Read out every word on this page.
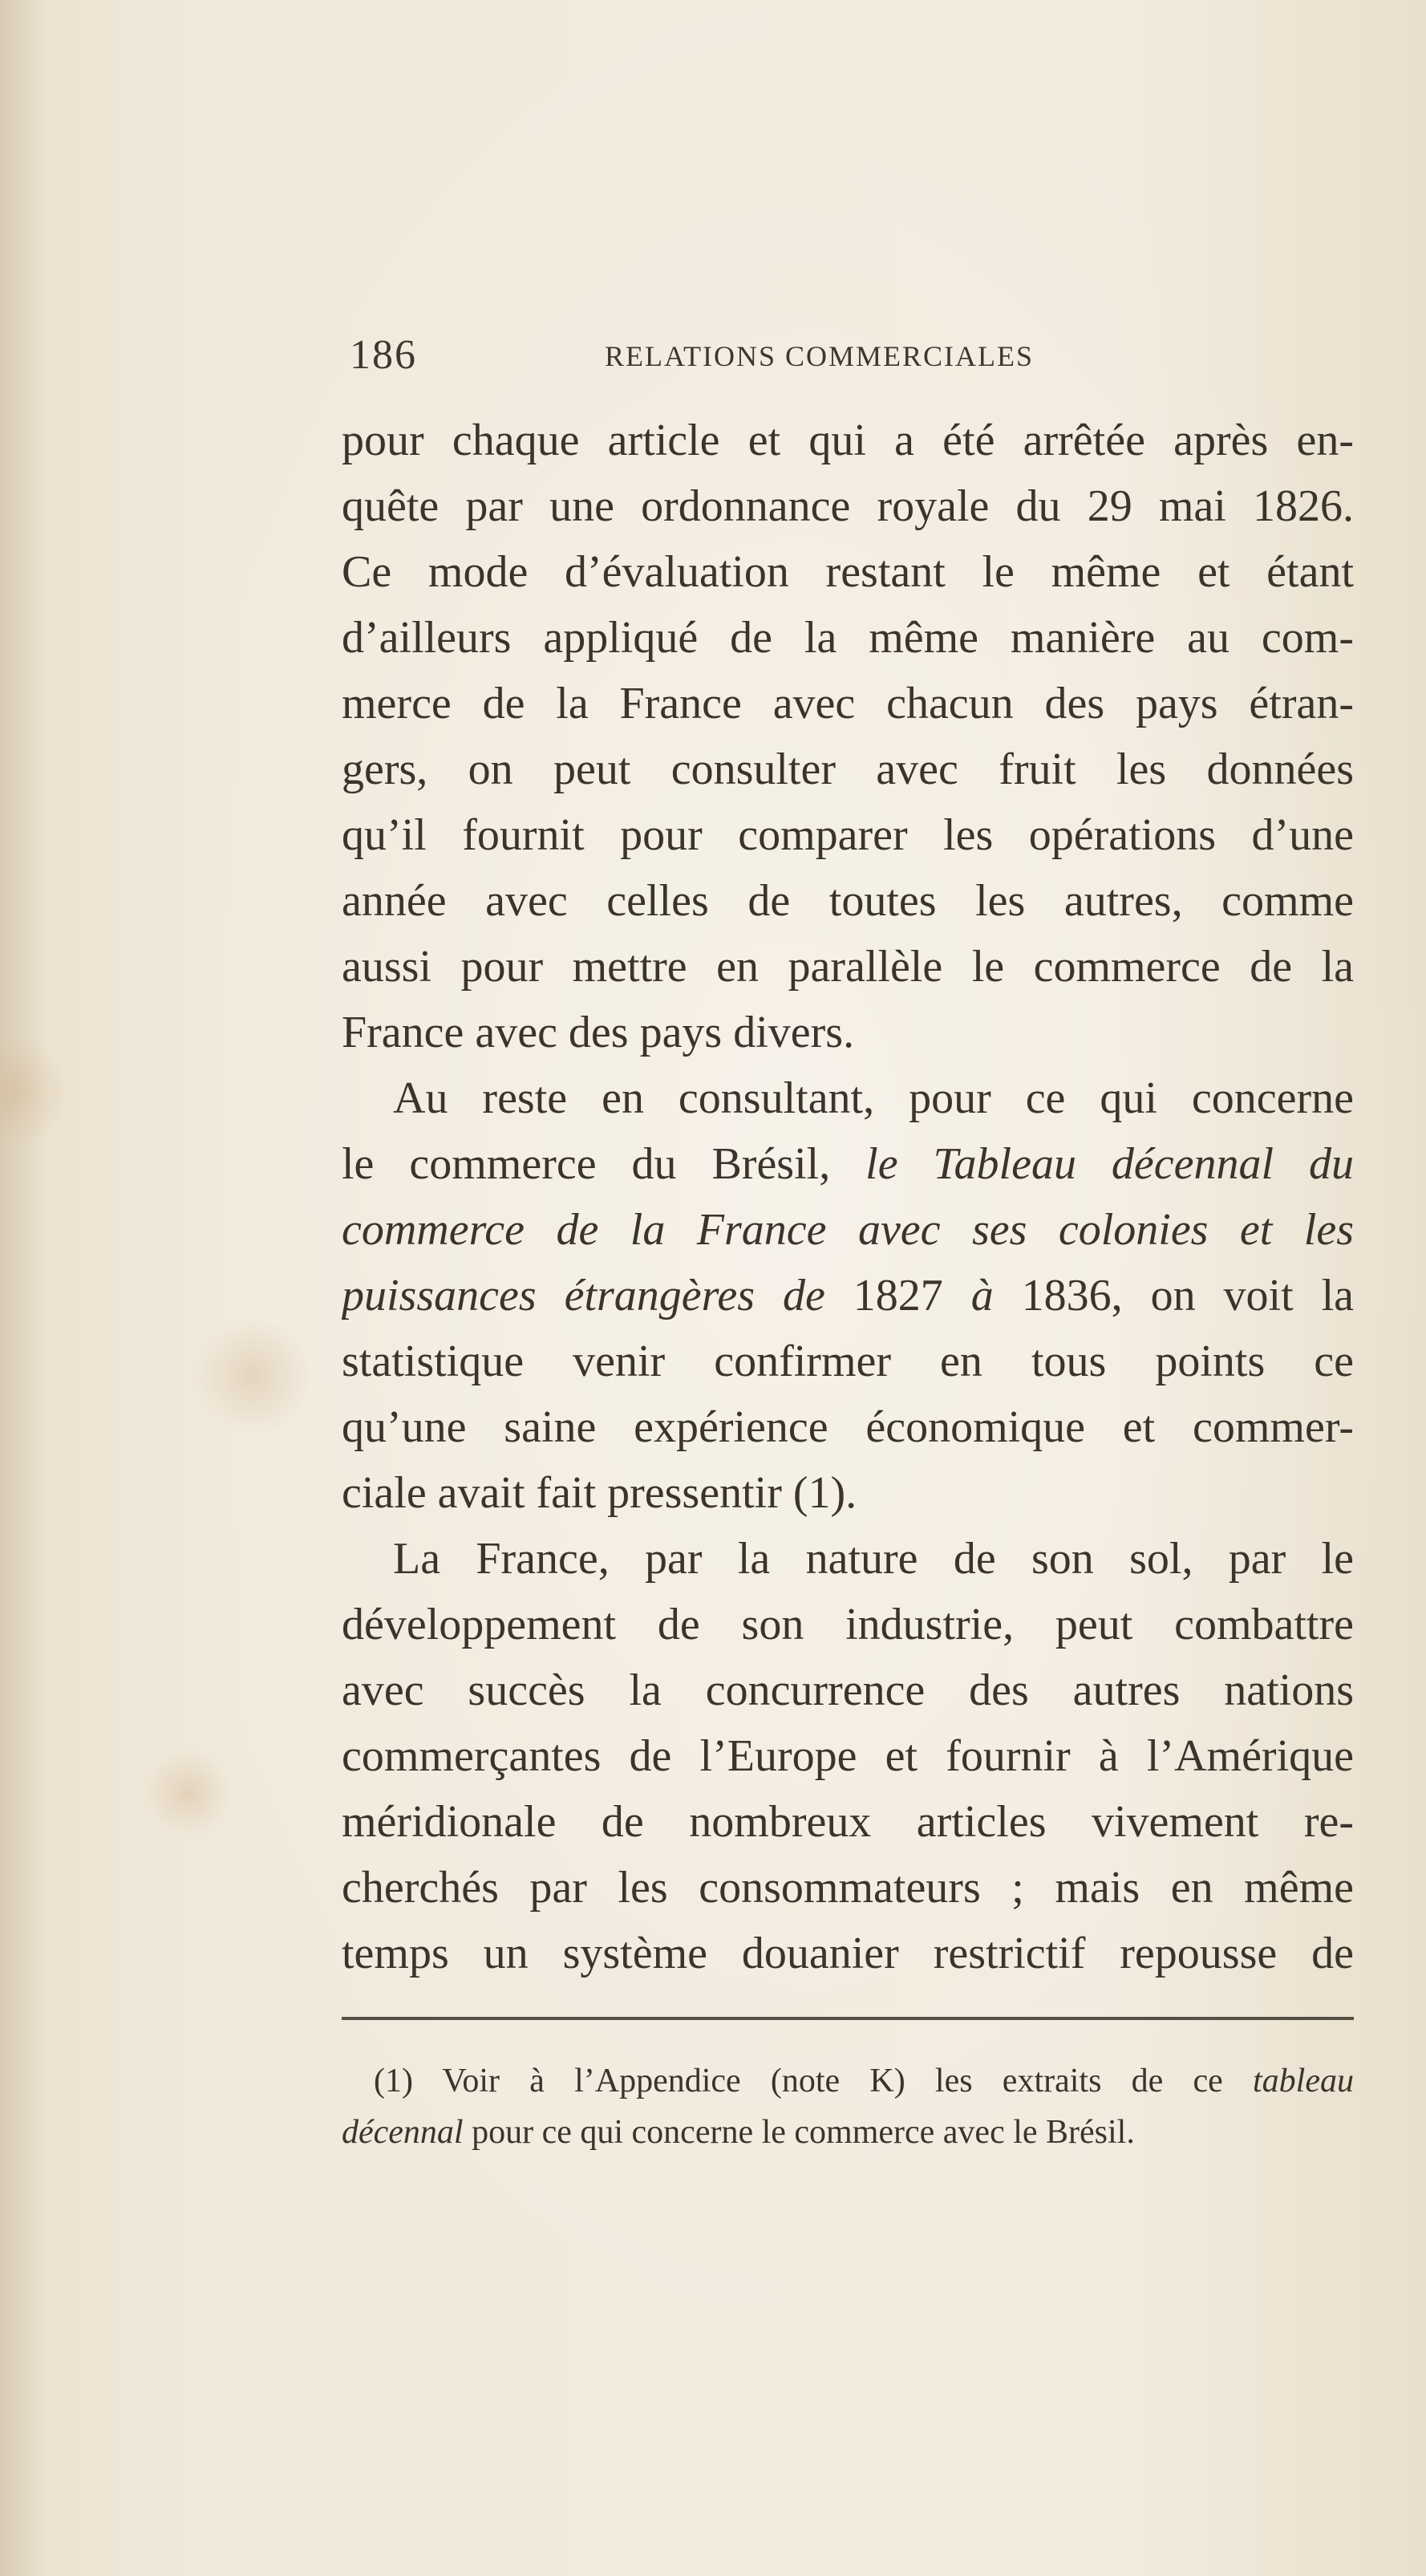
186	RELATIONS COMMERCIALES
pour chaque article et qui a été arrêtée après en-
quête par une ordonnance royale du 29 mai 1826.
Ce mode d’évaluation restant le même et étant
d’ailleurs appliqué de la même manière au com-
merce de la France avec chacun des pays étran-
gers, on peut consulter avec fruit les données
qu’il fournit pour comparer les opérations d’une
année avec celles de toutes les autres, comme
aussi pour mettre en parallèle le commerce de la
France avec des pays divers.
Au reste en consultant, pour ce qui concerne
le commerce du Brésil, le Tableau décennal du
commerce de la France avec ses colonies et les
puissances étrangères de 1827 à 1836, on voit la
statistique venir confirmer en tous points ce
qu’une saine expérience économique et commer-
ciale avait fait pressentir (1).
La France, par la nature de son sol, par le
développement de son industrie, peut combattre
avec succès la concurrence des autres nations
commerçantes de l’Europe et fournir à l’Amérique
méridionale de nombreux articles vivement re-
cherchés par les consommateurs ; mais en même
temps un système douanier restrictif repousse de
(1) Voir à l’Appendice (note K) les extraits de ce tableau
décennal pour ce qui concerne le commerce avec le Brésil.
